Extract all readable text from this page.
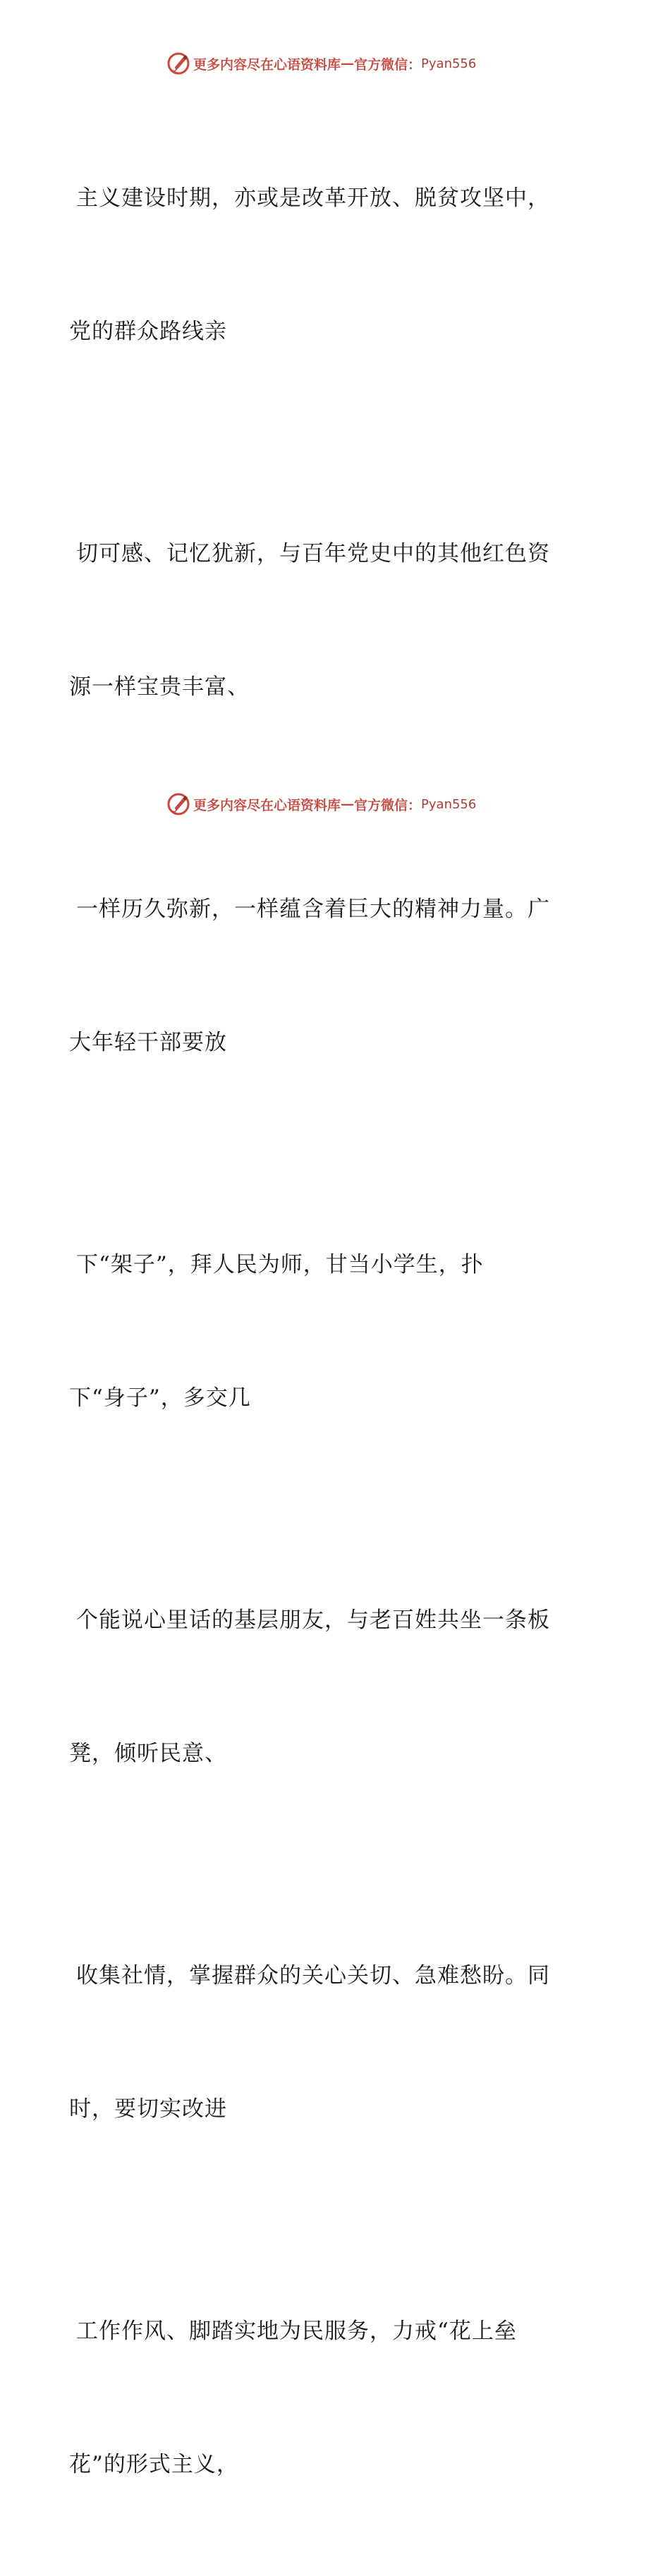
更多内容尽在心语资料库 — 官方微信： Pyan556

主义建设时期，亦或是改革开放、脱贫攻坚中，

党的群众路线亲

切可感、记忆犹新，与百年党史中的其他红色资

源一样宝贵丰富、

一样历久弥新，一样蕴含着巨大的精神力量。广

大年轻干部要放

下“架子”，拜人民为师，甘当小学生，扑

下“身子”，多交几

个能说心里话的基层朋友，与老百姓共坐一条板

凳，倾听民意、

收集社情，掌握群众的关心关切、急难愁盼。同

时，要切实改进

工作作风、脚踏实地为民服务，力戒“花上垒

花”的形式主义，

更多内容尽在心语资料库 — 官方微信： Pyan556
